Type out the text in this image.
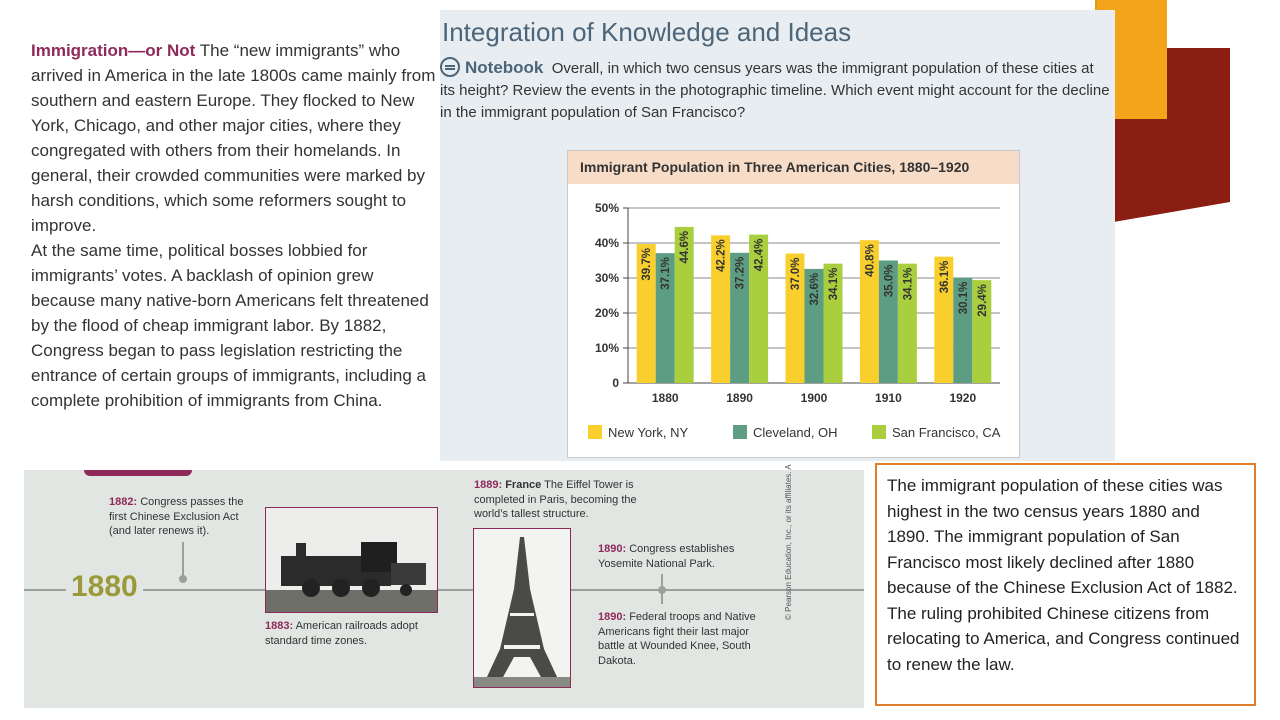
Immigration—or Not The “new immigrants” who arrived in America in the late 1800s came mainly from southern and eastern Europe. They flocked to New York, Chicago, and other major cities, where they congregated with others from their homelands. In general, their crowded communities were marked by harsh conditions, which some reformers sought to improve.

At the same time, political bosses lobbied for immigrants’ votes. A backlash of opinion grew because many native-born Americans felt threatened by the flood of cheap immigrant labor. By 1882, Congress began to pass legislation restricting the entrance of certain groups of immigrants, including a complete prohibition of immigrants from China.

Integration of Knowledge and Ideas
Notebook Overall, in which two census years was the immigrant population of these cities at its height? Review the events in the photographic timeline. Which event might account for the decline in the immigrant population of San Francisco?
Immigrant Population in Three American Cities, 1880–1920
0
10%
20%
30%
40%
50%
39.7% 37.1%
44.6%
1880
42.2%
37.2%
42.4%
1890
37.0% 32.6% 34.1%
1900
40.8%
35.0% 34.1%
1910
36.1%
30.1% 29.4%
1920
New York, NY	Cleveland, OH	San Francisco, CA
1880
1882: Congress passes the first Chinese Exclusion Act (and later renews it).
1883: American railroads adopt standard time zones.
1889: France The Eiffel Tower is completed in Paris, becoming the world’s tallest structure.
1890: Congress establishes Yosemite National Park.
1890: Federal troops and Native Americans fight their last major battle at Wounded Knee, South Dakota.
© Pearson Education, Inc., or its affiliates. A	The immigrant population of these cities was highest in the two census years 1880 and 1890. The immigrant population of San Francisco most likely declined after 1880 because of the Chinese Exclusion Act of 1882. The ruling prohibited Chinese citizens from relocating to America, and Congress continued to renew the law.
